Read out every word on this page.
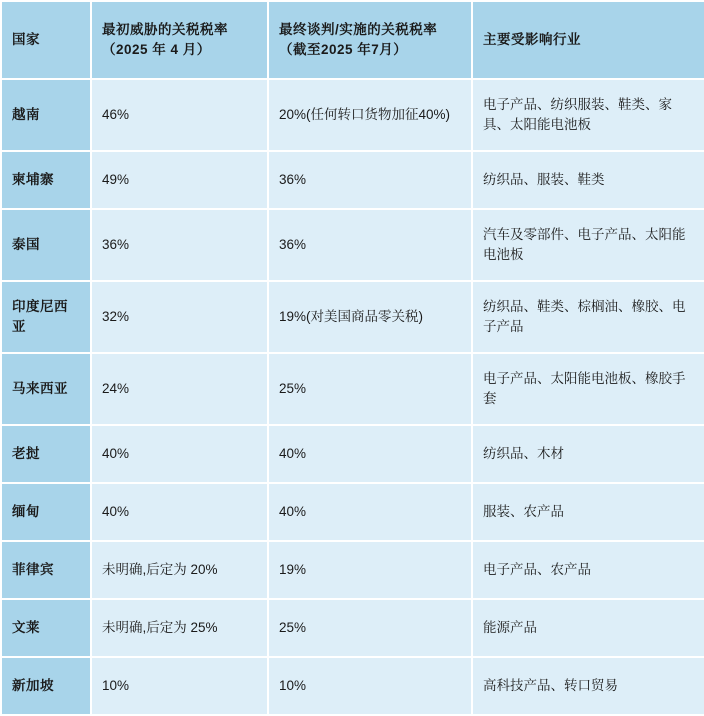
国家	最初威胁的关税税率（2025 年 4 月）	最终谈判/实施的关税税率（截至2025 年7月）	主要受影响行业
越南	46%	20%(任何转口货物加征40%)	电子产品、纺织服装、鞋类、家具、太阳能电池板
柬埔寨	49%	36%	纺织品、服装、鞋类
泰国	36%	36%	汽车及零部件、电子产品、太阳能电池板
印度尼西亚	32%	19%(对美国商品零关税)	纺织品、鞋类、棕榈油、橡胶、电子产品
马来西亚	24%	25%	电子产品、太阳能电池板、橡胶手套
老挝	40%	40%	纺织品、木材
缅甸	40%	40%	服装、农产品
菲律宾	未明确,后定为 20%	19%	电子产品、农产品
文莱	未明确,后定为 25%	25%	能源产品
新加坡	10%	10%	高科技产品、转口贸易
